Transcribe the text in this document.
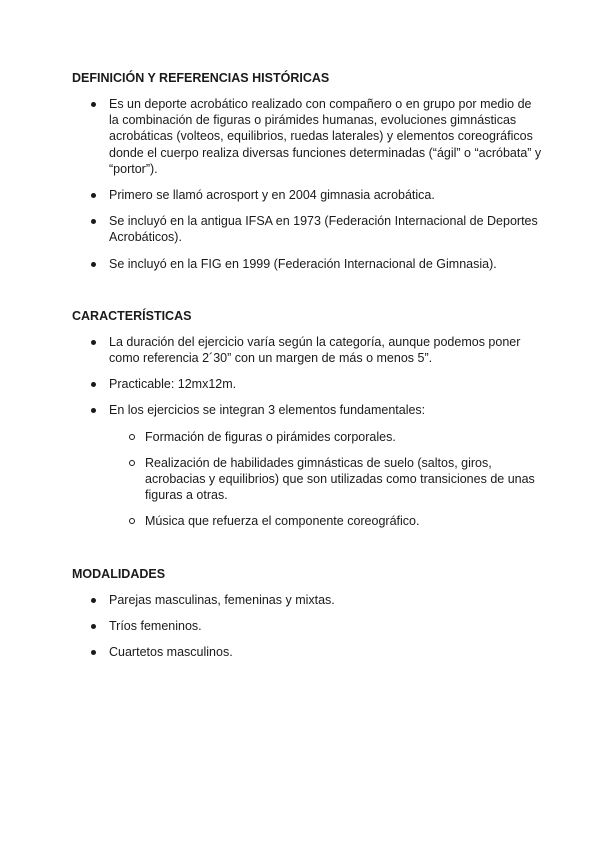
DEFINICIÓN Y REFERENCIAS HISTÓRICAS
Es un deporte acrobático realizado con compañero o en grupo por medio de la combinación de figuras o pirámides humanas, evoluciones gimnásticas acrobáticas (volteos, equilibrios, ruedas laterales) y elementos coreográficos donde el cuerpo realiza diversas funciones determinadas (“ágil” o “acróbata” y “portor”).
Primero se llamó acrosport y en 2004 gimnasia acrobática.
Se incluyó en la antigua IFSA en 1973 (Federación Internacional de Deportes Acrobáticos).
Se incluyó en la FIG en 1999 (Federación Internacional de Gimnasia).
CARACTERÍSTICAS
La duración del ejercicio varía según la categoría, aunque podemos poner como referencia 2´30” con un margen de más o menos 5”.
Practicable: 12mx12m.
En los ejercicios se integran 3 elementos fundamentales:
Formación de figuras o pirámides corporales.
Realización de habilidades gimnásticas de suelo (saltos, giros, acrobacias y equilibrios) que son utilizadas como transiciones de unas figuras a otras.
Música que refuerza el componente coreográfico.
MODALIDADES
Parejas masculinas, femeninas y mixtas.
Tríos femeninos.
Cuartetos masculinos.
